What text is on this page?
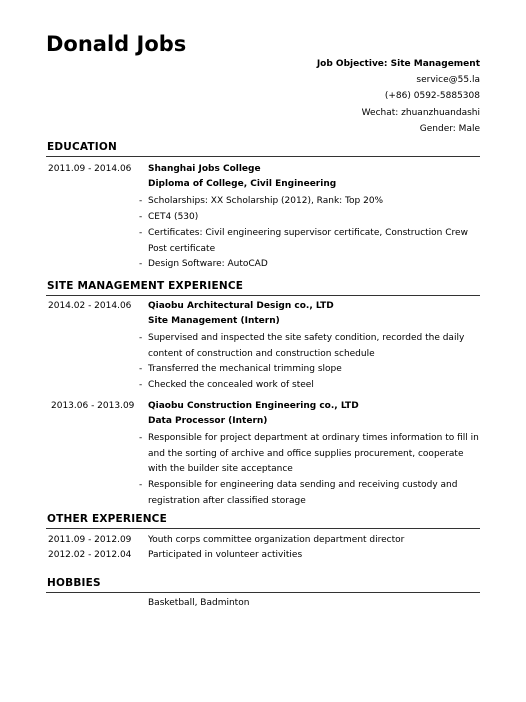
Donald Jobs
Job Objective: Site Management
service@55.la
(+86) 0592-5885308
Wechat: zhuanzhuandashi
Gender: Male
EDUCATION
2011.09 - 2014.06 Shanghai Jobs College
Diploma of College, Civil Engineering
- Scholarships: XX Scholarship (2012), Rank: Top 20%
- CET4 (530)
- Certificates: Civil engineering supervisor certificate, Construction Crew Post certificate
- Design Software: AutoCAD
SITE MANAGEMENT EXPERIENCE
2014.02 - 2014.06 Qiaobu Architectural Design co., LTD
Site Management (Intern)
- Supervised and inspected the site safety condition, recorded the daily content of construction and construction schedule
- Transferred the mechanical trimming slope
- Checked the concealed work of steel
2013.06 - 2013.09 Qiaobu Construction Engineering co., LTD
Data Processor (Intern)
- Responsible for project department at ordinary times information to fill in and the sorting of archive and office supplies procurement, cooperate with the builder site acceptance
- Responsible for engineering data sending and receiving custody and registration after classified storage
OTHER EXPERIENCE
2011.09 - 2012.09 Youth corps committee organization department director
2012.02 - 2012.04 Participated in volunteer activities
HOBBIES
Basketball, Badminton
